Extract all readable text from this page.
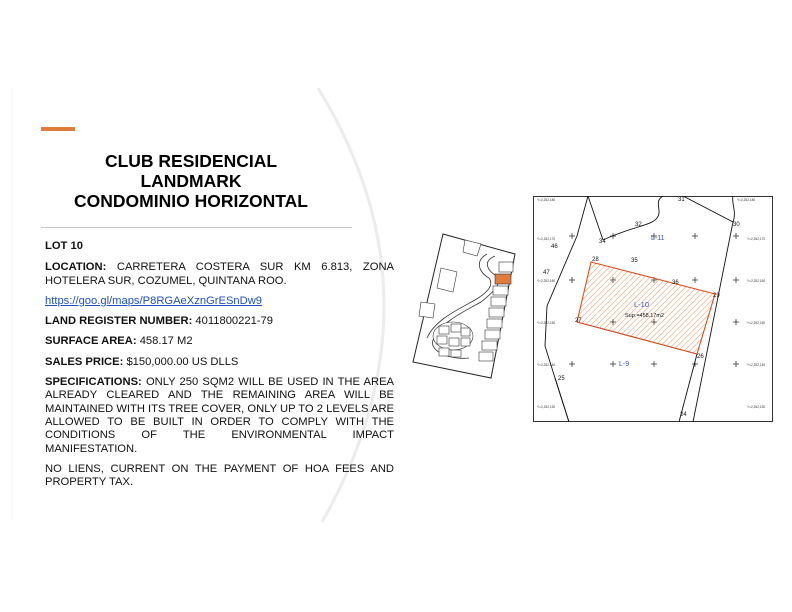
CLUB RESIDENCIAL
LANDMARK
CONDOMINIO HORIZONTAL

LOT 10

LOCATION: CARRETERA COSTERA SUR KM 6.813, ZONA HOTELERA SUR, COZUMEL, QUINTANA ROO.

https://goo.gl/maps/P8RGAeXznGrESnDw9

LAND REGISTER NUMBER: 4011800221-79

SURFACE AREA: 458.17 M2

SALES PRICE: $150,000.00 US DLLS

SPECIFICATIONS: ONLY 250 SQM2 WILL BE USED IN THE AREA ALREADY CLEARED AND THE REMAINING AREA WILL BE MAINTAINED WITH ITS TREE COVER, ONLY UP TO 2 LEVELS ARE ALLOWED TO BE BUILT IN ORDER TO COMPLY WITH THE CONDITIONS OF THE ENVIRONMENTAL IMPACT MANIFESTATION.

NO LIENS, CURRENT ON THE PAYMENT OF HOA FEES AND PROPERTY TAX.

Y=2,252,180	Y=2,252,180
Y=2,252,170	Y=2,252,170
Y=2,252,160	Y=2,252,160
Y=2,252,150	Y=2,252,150
Y=2,252,140	Y=2,252,140
Y=2,252,130	Y=2,252,130
31
32	30
34
46
35
28
47
36
29
27
26
25
24
L-11
L-10
Sup.=458.17m2
L-9
